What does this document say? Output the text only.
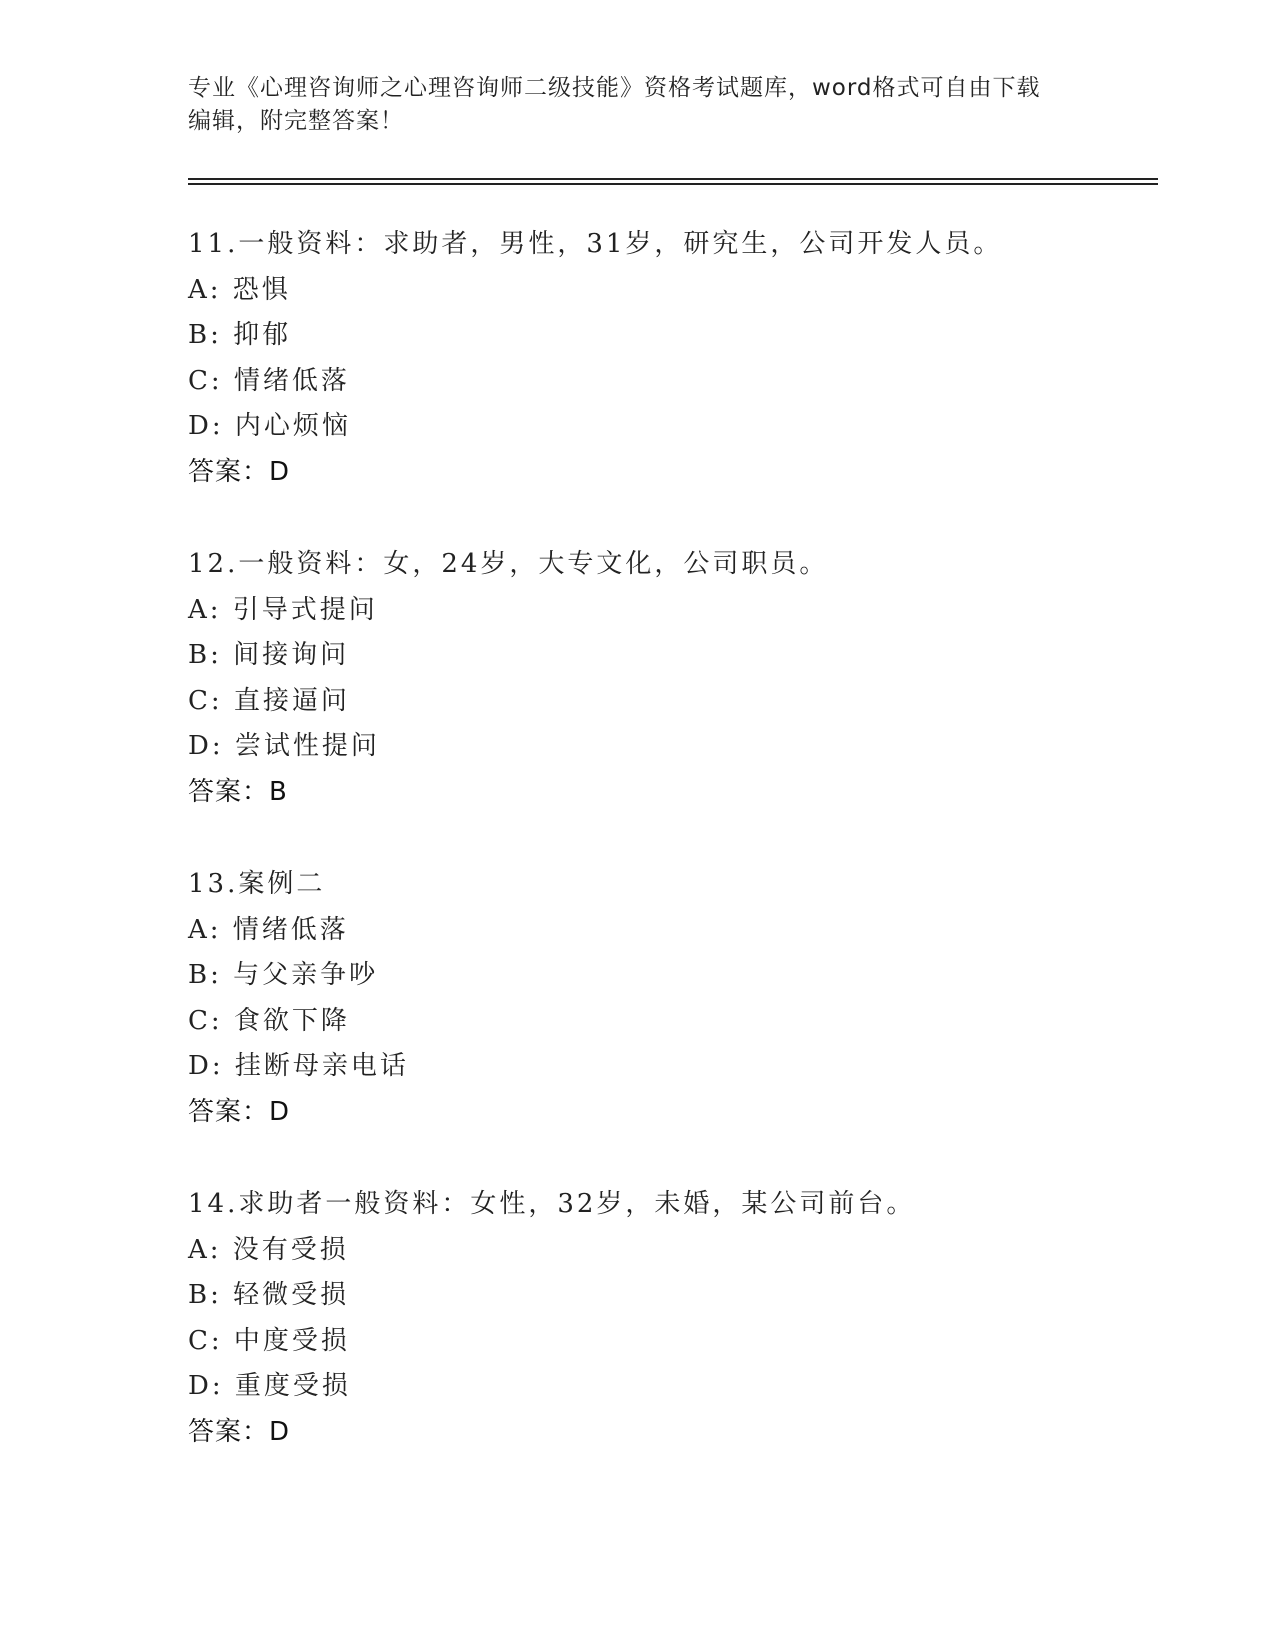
专业《心理咨询师之心理咨询师二级技能》资格考试题库，word格式可自由下载
编辑，附完整答案！
11.一般资料：求助者，男性，31岁，研究生，公司开发人员。
A: 恐惧
B: 抑郁
C: 情绪低落
D: 内心烦恼
答案：D
12.一般资料：女，24岁，大专文化，公司职员。
A: 引导式提问
B: 间接询问
C: 直接逼问
D: 尝试性提问
答案：B
13.案例二
A: 情绪低落
B: 与父亲争吵
C: 食欲下降
D: 挂断母亲电话
答案：D
14.求助者一般资料：女性，32岁，未婚，某公司前台。
A: 没有受损
B: 轻微受损
C: 中度受损
D: 重度受损
答案：D
